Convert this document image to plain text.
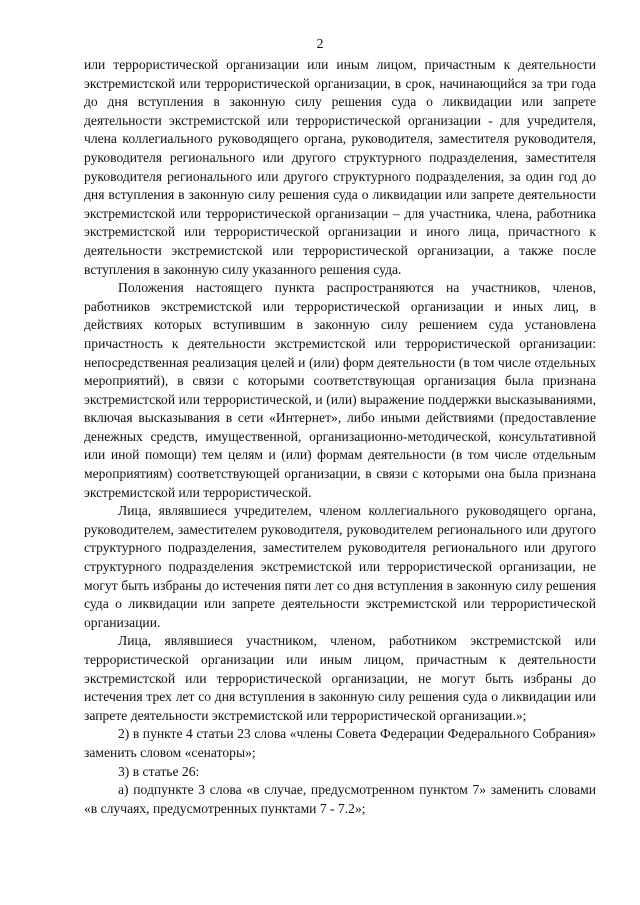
2

или террористической организации или иным лицом, причастным к деятельности экстремистской или террористической организации, в срок, начинающийся за три года до дня вступления в законную силу решения суда о ликвидации или запрете деятельности экстремистской или террористической организации - для учредителя, члена коллегиального руководящего органа, руководителя, заместителя руководителя, руководителя регионального или другого структурного подразделения, заместителя руководителя регионального или другого структурного подразделения, за один год до дня вступления в законную силу решения суда о ликвидации или запрете деятельности экстремистской или террористической организации – для участника, члена, работника экстремистской или террористической организации и иного лица, причастного к деятельности экстремистской или террористической организации, а также после вступления в законную силу указанного решения суда.

Положения настоящего пункта распространяются на участников, членов, работников экстремистской или террористической организации и иных лиц, в действиях которых вступившим в законную силу решением суда установлена причастность к деятельности экстремистской или террористической организации: непосредственная реализация целей и (или) форм деятельности (в том числе отдельных мероприятий), в связи с которыми соответствующая организация была признана экстремистской или террористической, и (или) выражение поддержки высказываниями, включая высказывания в сети «Интернет», либо иными действиями (предоставление денежных средств, имущественной, организационно-методической, консультативной или иной помощи) тем целям и (или) формам деятельности (в том числе отдельным мероприятиям) соответствующей организации, в связи с которыми она была признана экстремистской или террористической.

Лица, являвшиеся учредителем, членом коллегиального руководящего органа, руководителем, заместителем руководителя, руководителем регионального или другого структурного подразделения, заместителем руководителя регионального или другого структурного подразделения экстремистской или террористической организации, не могут быть избраны до истечения пяти лет со дня вступления в законную силу решения суда о ликвидации или запрете деятельности экстремистской или террористической организации.

Лица, являвшиеся участником, членом, работником экстремистской или террористической организации или иным лицом, причастным к деятельности экстремистской или террористической организации, не могут быть избраны до истечения трех лет со дня вступления в законную силу решения суда о ликвидации или запрете деятельности экстремистской или террористической организации.»;

2) в пункте 4 статьи 23 слова «члены Совета Федерации Федерального Собрания» заменить словом «сенаторы»;

3) в статье 26:

а) подпункте 3 слова «в случае, предусмотренном пунктом 7» заменить словами «в случаях, предусмотренных пунктами 7 - 7.2»;
